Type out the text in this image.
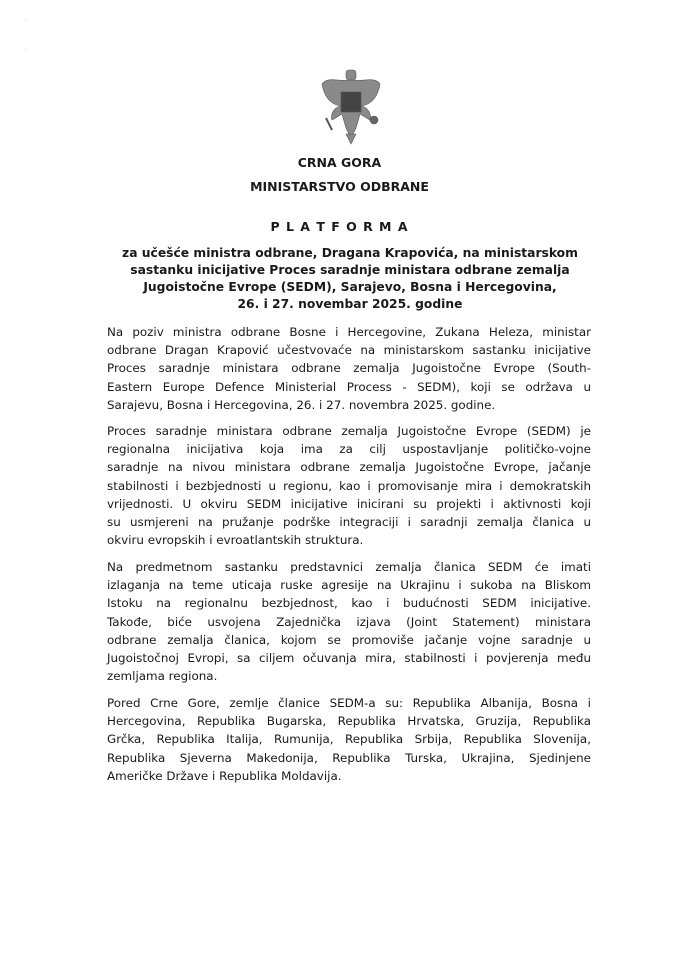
·
·
CRNA GORA
MINISTARSTVO ODBRANE
P L A T F O R M A
za učešće ministra odbrane, Dragana Krapovića, na ministarskom
sastanku inicijative Proces saradnje ministara odbrane zemalja
Jugoistočne Evrope (SEDM), Sarajevo, Bosna i Hercegovina,
26. i 27. novembar 2025. godine
Na poziv ministra odbrane Bosne i Hercegovine, Zukana Heleza, ministar
odbrane Dragan Krapović učestvovaće na ministarskom sastanku inicijative
Proces saradnje ministara odbrane zemalja Jugoistočne Evrope (South-
Eastern Europe Defence Ministerial Process - SEDM), koji se održava u
Sarajevu, Bosna i Hercegovina, 26. i 27. novembra 2025. godine.
Proces saradnje ministara odbrane zemalja Jugoistočne Evrope (SEDM) je
regionalna inicijativa koja ima za cilj uspostavljanje političko-vojne
saradnje na nivou ministara odbrane zemalja Jugoistočne Evrope, jačanje
stabilnosti i bezbjednosti u regionu, kao i promovisanje mira i demokratskih
vrijednosti. U okviru SEDM inicijative inicirani su projekti i aktivnosti koji
su usmjereni na pružanje podrške integraciji i saradnji zemalja članica u
okviru evropskih i evroatlantskih struktura.
Na predmetnom sastanku predstavnici zemalja članica SEDM će imati
izlaganja na teme uticaja ruske agresije na Ukrajinu i sukoba na Bliskom
Istoku na regionalnu bezbjednost, kao i budućnosti SEDM inicijative.
Takođe, biće usvojena Zajednička izjava (Joint Statement) ministara
odbrane zemalja članica, kojom se promoviše jačanje vojne saradnje u
Jugoistočnoj Evropi, sa ciljem očuvanja mira, stabilnosti i povjerenja među
zemljama regiona.
Pored Crne Gore, zemlje članice SEDM-a su: Republika Albanija, Bosna i
Hercegovina, Republika Bugarska, Republika Hrvatska, Gruzija, Republika
Grčka, Republika Italija, Rumunija, Republika Srbija, Republika Slovenija,
Republika Sjeverna Makedonija, Republika Turska, Ukrajina, Sjedinjene
Američke Države i Republika Moldavija.
